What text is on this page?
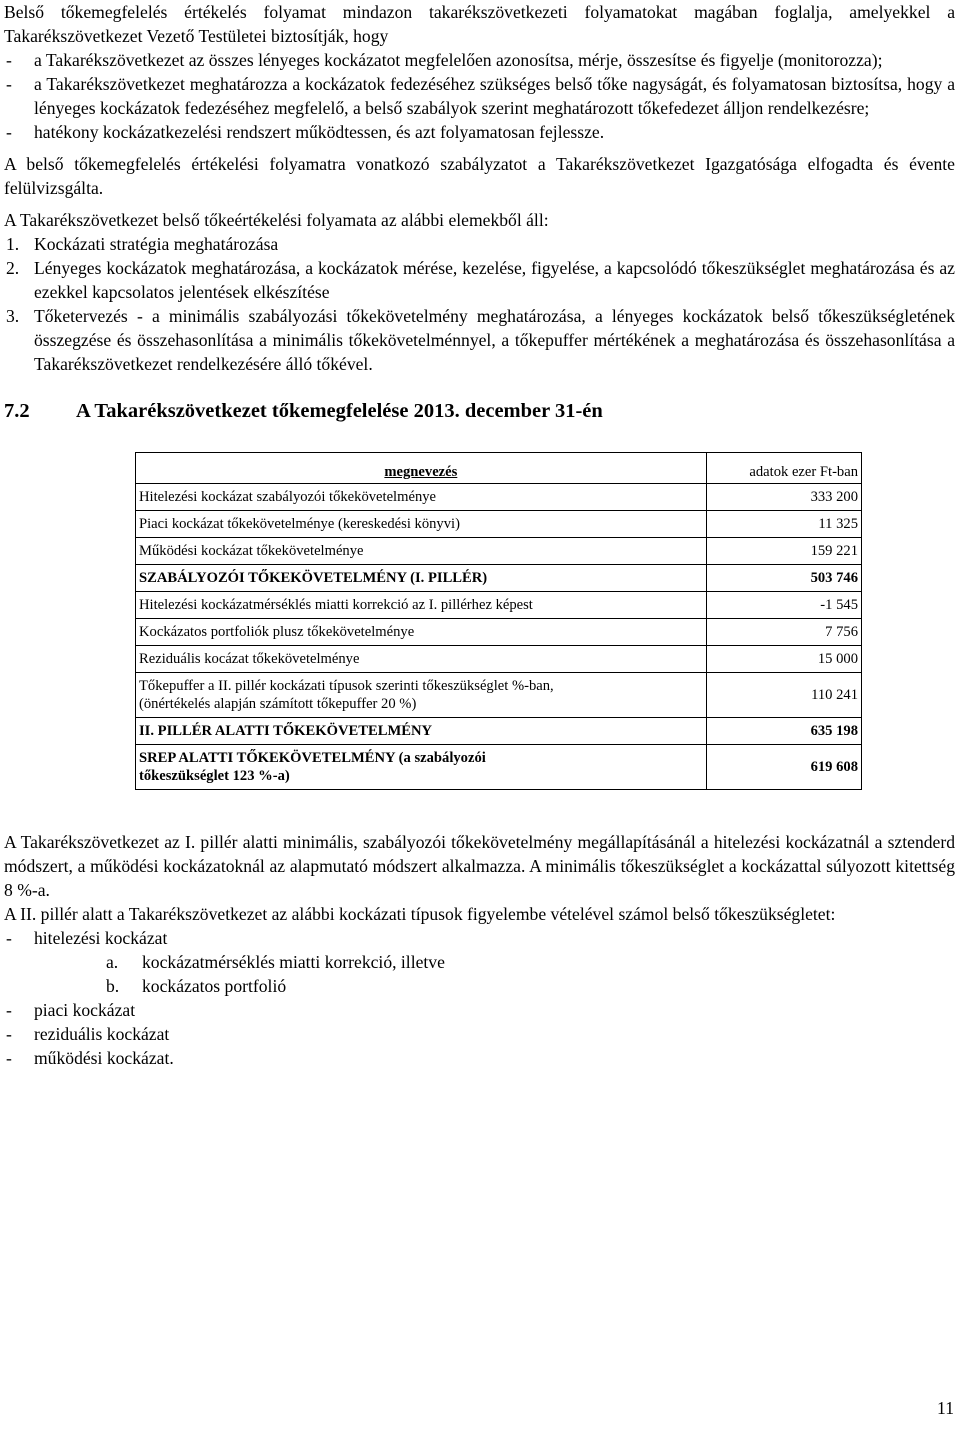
Belső tőkemegfelelés értékelés folyamat mindazon takarékszövetkezeti folyamatokat magában foglalja, amelyekkel a Takarékszövetkezet Vezető Testületei biztosítják, hogy

- a Takarékszövetkezet az összes lényeges kockázatot megfelelően azonosítsa, mérje, összesítse és figyelje (monitorozza);
- a Takarékszövetkezet meghatározza a kockázatok fedezéséhez szükséges belső tőke nagyságát, és folyamatosan biztosítsa, hogy a lényeges kockázatok fedezéséhez megfelelő, a belső szabályok szerint meghatározott tőkefedezet álljon rendelkezésre;
- hatékony kockázatkezelési rendszert működtessen, és azt folyamatosan fejlessze.

A belső tőkemegfelelés értékelési folyamatra vonatkozó szabályzatot a Takarékszövetkezet Igazgatósága elfogadta és évente felülvizsgálta.

A Takarékszövetkezet belső tőkeértékelési folyamata az alábbi elemekből áll:

1. Kockázati stratégia meghatározása
2. Lényeges kockázatok meghatározása, a kockázatok mérése, kezelése, figyelése, a kapcsolódó tőkeszükséglet meghatározása és az ezekkel kapcsolatos jelentések elkészítése
3. Tőketervezés - a minimális szabályozási tőkekövetelmény meghatározása, a lényeges kockázatok belső tőkeszükségletének összegzése és összehasonlítása a minimális tőkekövetelménnyel, a tőkepuffer mértékének a meghatározása és összehasonlítása a Takarékszövetkezet rendelkezésére álló tőkével.
7.2 A Takarékszövetkezet tőkemegfelelése 2013. december 31-én
megnevezés	adatok ezer Ft-ban
Hitelezési kockázat szabályozói tőkekövetelménye	333 200
Piaci kockázat tőkekövetelménye (kereskedési könyvi)	11 325
Működési kockázat tőkekövetelménye	159 221
SZABÁLYOZÓI TŐKEKÖVETELMÉNY (I. PILLÉR)	503 746
Hitelezési kockázatmérséklés miatti korrekció az I. pillérhez képest	-1 545
Kockázatos portfoliók plusz tőkekövetelménye	7 756
Reziduális kocázat tőkekövetelménye	15 000
Tőkepuffer a II. pillér kockázati típusok szerinti tőkeszükséglet %-ban,
(önértékelés alapján számított tőkepuffer 20 %)	110 241
II. PILLÉR ALATTI TŐKEKÖVETELMÉNY	635 198
SREP ALATTI TŐKEKÖVETELMÉNY (a szabályozói
tőkeszükséglet 123 %-a)	619 608

A Takarékszövetkezet az I. pillér alatti minimális, szabályozói tőkekövetelmény megállapításánál a hitelezési kockázatnál a sztenderd módszert, a működési kockázatoknál az alapmutató módszert alkalmazza. A minimális tőkeszükséglet a kockázattal súlyozott kitettség 8 %-a.

A II. pillér alatt a Takarékszövetkezet az alábbi kockázati típusok figyelembe vételével számol belső tőkeszükségletet:

- hitelezési kockázat
a. kockázatmérséklés miatti korrekció, illetve
b. kockázatos portfolió
- piaci kockázat
- reziduális kockázat
- működési kockázat.
11
